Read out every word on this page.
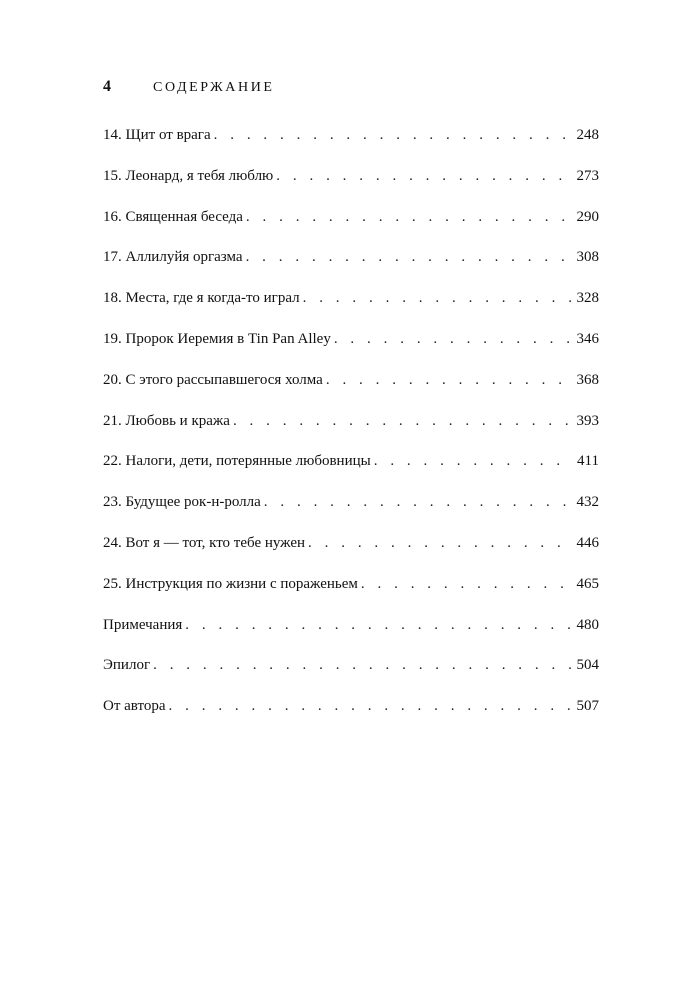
4	СОДЕРЖАНИЕ
14. Щит от врага . . .	248
15. Леонард, я тебя люблю . . .	273
16. Священная беседа . . .	290
17. Аллилуйя оргазма . . .	308
18. Места, где я когда-то играл . . .	328
19. Пророк Иеремия в Tin Pan Alley . . .	346
20. С этого рассыпавшегося холма . . .	368
21. Любовь и кража . . .	393
22. Налоги, дети, потерянные любовницы . . .	411
23. Будущее рок-н-ролла . . .	432
24. Вот я — тот, кто тебе нужен . . .	446
25. Инструкция по жизни с пораженьем . . .	465
Примечания . . .	480
Эпилог . . .	504
От автора . . .	507
